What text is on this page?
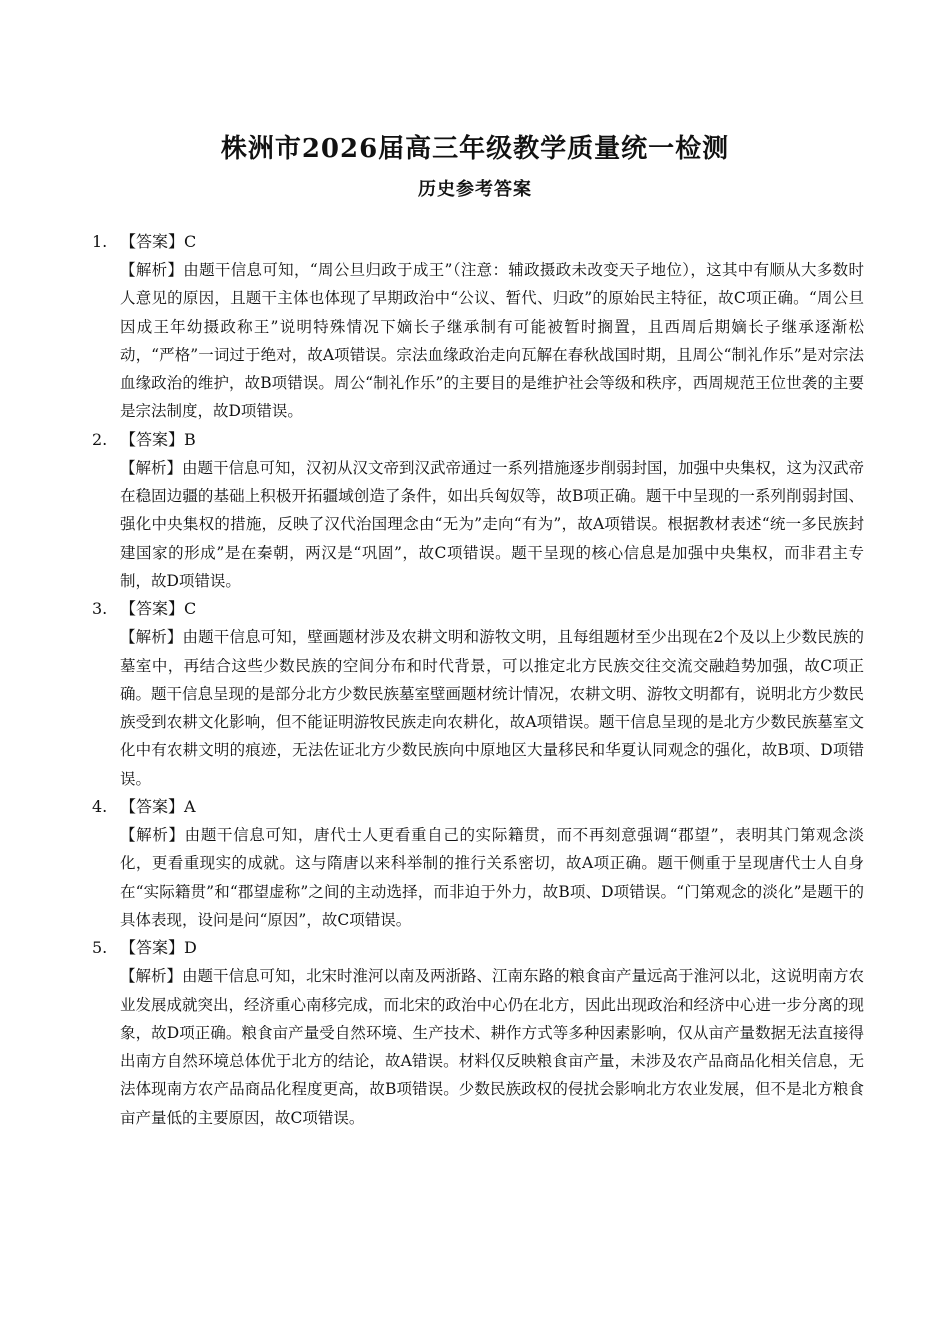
株洲市2026届高三年级教学质量统一检测
历史参考答案
1. 【答案】C
【解析】由题干信息可知，“周公旦归政于成王”（注意：辅政摄政未改变天子地位），这其中有顺从大多数时人意见的原因，且题干主体也体现了早期政治中“公议、暂代、归政”的原始民主特征，故C项正确。“周公旦因成王年幼摄政称王”说明特殊情况下嫡长子继承制有可能被暂时搁置，且西周后期嫡长子继承逐渐松动，“严格”一词过于绝对，故A项错误。宗法血缘政治走向瓦解在春秋战国时期，且周公“制礼作乐”是对宗法血缘政治的维护，故B项错误。周公“制礼作乐”的主要目的是维护社会等级和秩序，西周规范王位世袭的主要是宗法制度，故D项错误。
2. 【答案】B
【解析】由题干信息可知，汉初从汉文帝到汉武帝通过一系列措施逐步削弱封国，加强中央集权，这为汉武帝在稳固边疆的基础上积极开拓疆域创造了条件，如出兵匈奴等，故B项正确。题干中呈现的一系列削弱封国、强化中央集权的措施，反映了汉代治国理念由“无为”走向“有为”，故A项错误。根据教材表述“统一多民族封建国家的形成”是在秦朝，两汉是“巩固”，故C项错误。题干呈现的核心信息是加强中央集权，而非君主专制，故D项错误。
3. 【答案】C
【解析】由题干信息可知，壁画题材涉及农耕文明和游牧文明，且每组题材至少出现在2个及以上少数民族的墓室中，再结合这些少数民族的空间分布和时代背景，可以推定北方民族交往交流交融趋势加强，故C项正确。题干信息呈现的是部分北方少数民族墓室壁画题材统计情况，农耕文明、游牧文明都有，说明北方少数民族受到农耕文化影响，但不能证明游牧民族走向农耕化，故A项错误。题干信息呈现的是北方少数民族墓室文化中有农耕文明的痕迹，无法佐证北方少数民族向中原地区大量移民和华夏认同观念的强化，故B项、D项错误。
4. 【答案】A
【解析】由题干信息可知，唐代士人更看重自己的实际籍贯，而不再刻意强调“郡望”，表明其门第观念淡化，更看重现实的成就。这与隋唐以来科举制的推行关系密切，故A项正确。题干侧重于呈现唐代士人自身在“实际籍贯”和“郡望虚称”之间的主动选择，而非迫于外力，故B项、D项错误。“门第观念的淡化”是题干的具体表现，设问是问“原因”，故C项错误。
5. 【答案】D
【解析】由题干信息可知，北宋时淮河以南及两浙路、江南东路的粮食亩产量远高于淮河以北，这说明南方农业发展成就突出，经济重心南移完成，而北宋的政治中心仍在北方，因此出现政治和经济中心进一步分离的现象，故D项正确。粮食亩产量受自然环境、生产技术、耕作方式等多种因素影响，仅从亩产量数据无法直接得出南方自然环境总体优于北方的结论，故A错误。材料仅反映粮食亩产量，未涉及农产品商品化相关信息，无法体现南方农产品商品化程度更高，故B项错误。少数民族政权的侵扰会影响北方农业发展，但不是北方粮食亩产量低的主要原因，故C项错误。
